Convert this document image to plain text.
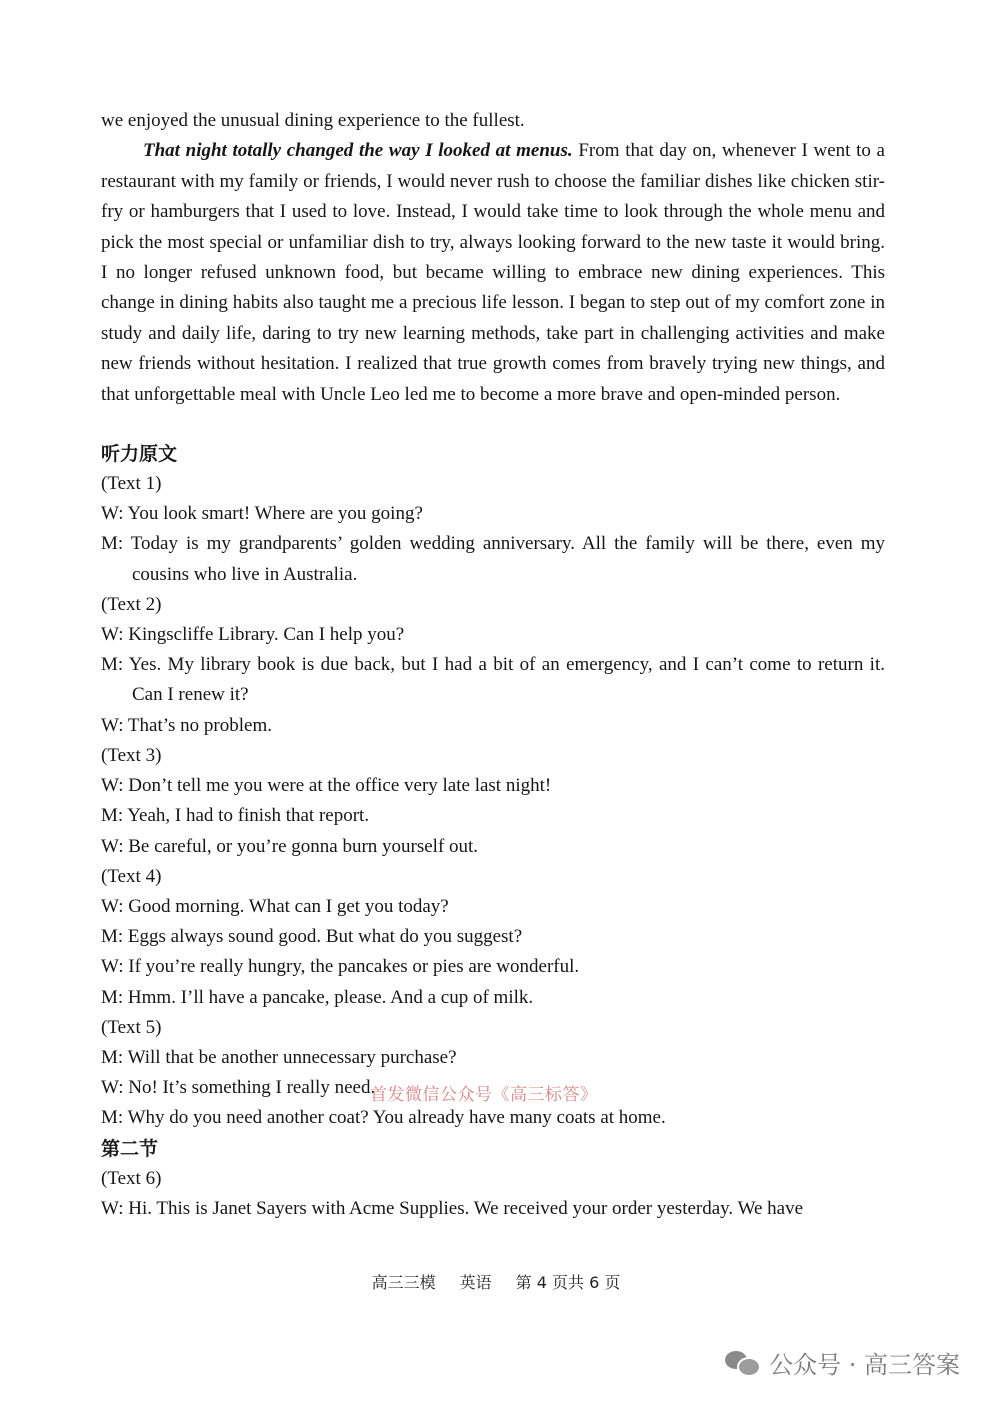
we enjoyed the unusual dining experience to the fullest.

That night totally changed the way I looked at menus. From that day on, whenever I went to a restaurant with my family or friends, I would never rush to choose the familiar dishes like chicken stir-fry or hamburgers that I used to love. Instead, I would take time to look through the whole menu and pick the most special or unfamiliar dish to try, always looking forward to the new taste it would bring. I no longer refused unknown food, but became willing to embrace new dining experiences. This change in dining habits also taught me a precious life lesson. I began to step out of my comfort zone in study and daily life, daring to try new learning methods, take part in challenging activities and make new friends without hesitation. I realized that true growth comes from bravely trying new things, and that unforgettable meal with Uncle Leo led me to become a more brave and open-minded person.

听力原文

(Text 1)

W: You look smart! Where are you going?

M: Today is my grandparents’ golden wedding anniversary. All the family will be there, even my cousins who live in Australia.

(Text 2)

W: Kingscliffe Library. Can I help you?

M: Yes. My library book is due back, but I had a bit of an emergency, and I can’t come to return it. Can I renew it?

W: That’s no problem.

(Text 3)

W: Don’t tell me you were at the office very late last night!

M: Yeah, I had to finish that report.

W: Be careful, or you’re gonna burn yourself out.

(Text 4)

W: Good morning. What can I get you today?

M: Eggs always sound good. But what do you suggest?

W: If you’re really hungry, the pancakes or pies are wonderful.

M: Hmm. I’ll have a pancake, please. And a cup of milk.

(Text 5)

M: Will that be another unnecessary purchase?

W: No! It’s something I really need.

M: Why do you need another coat? You already have many coats at home.

第二节

(Text 6)

W: Hi. This is Janet Sayers with Acme Supplies. We received your order yesterday. We have

首发微信公众号《高三标答》
高三三模 英语 第 4 页共 6 页
公众号 · 高三答案
